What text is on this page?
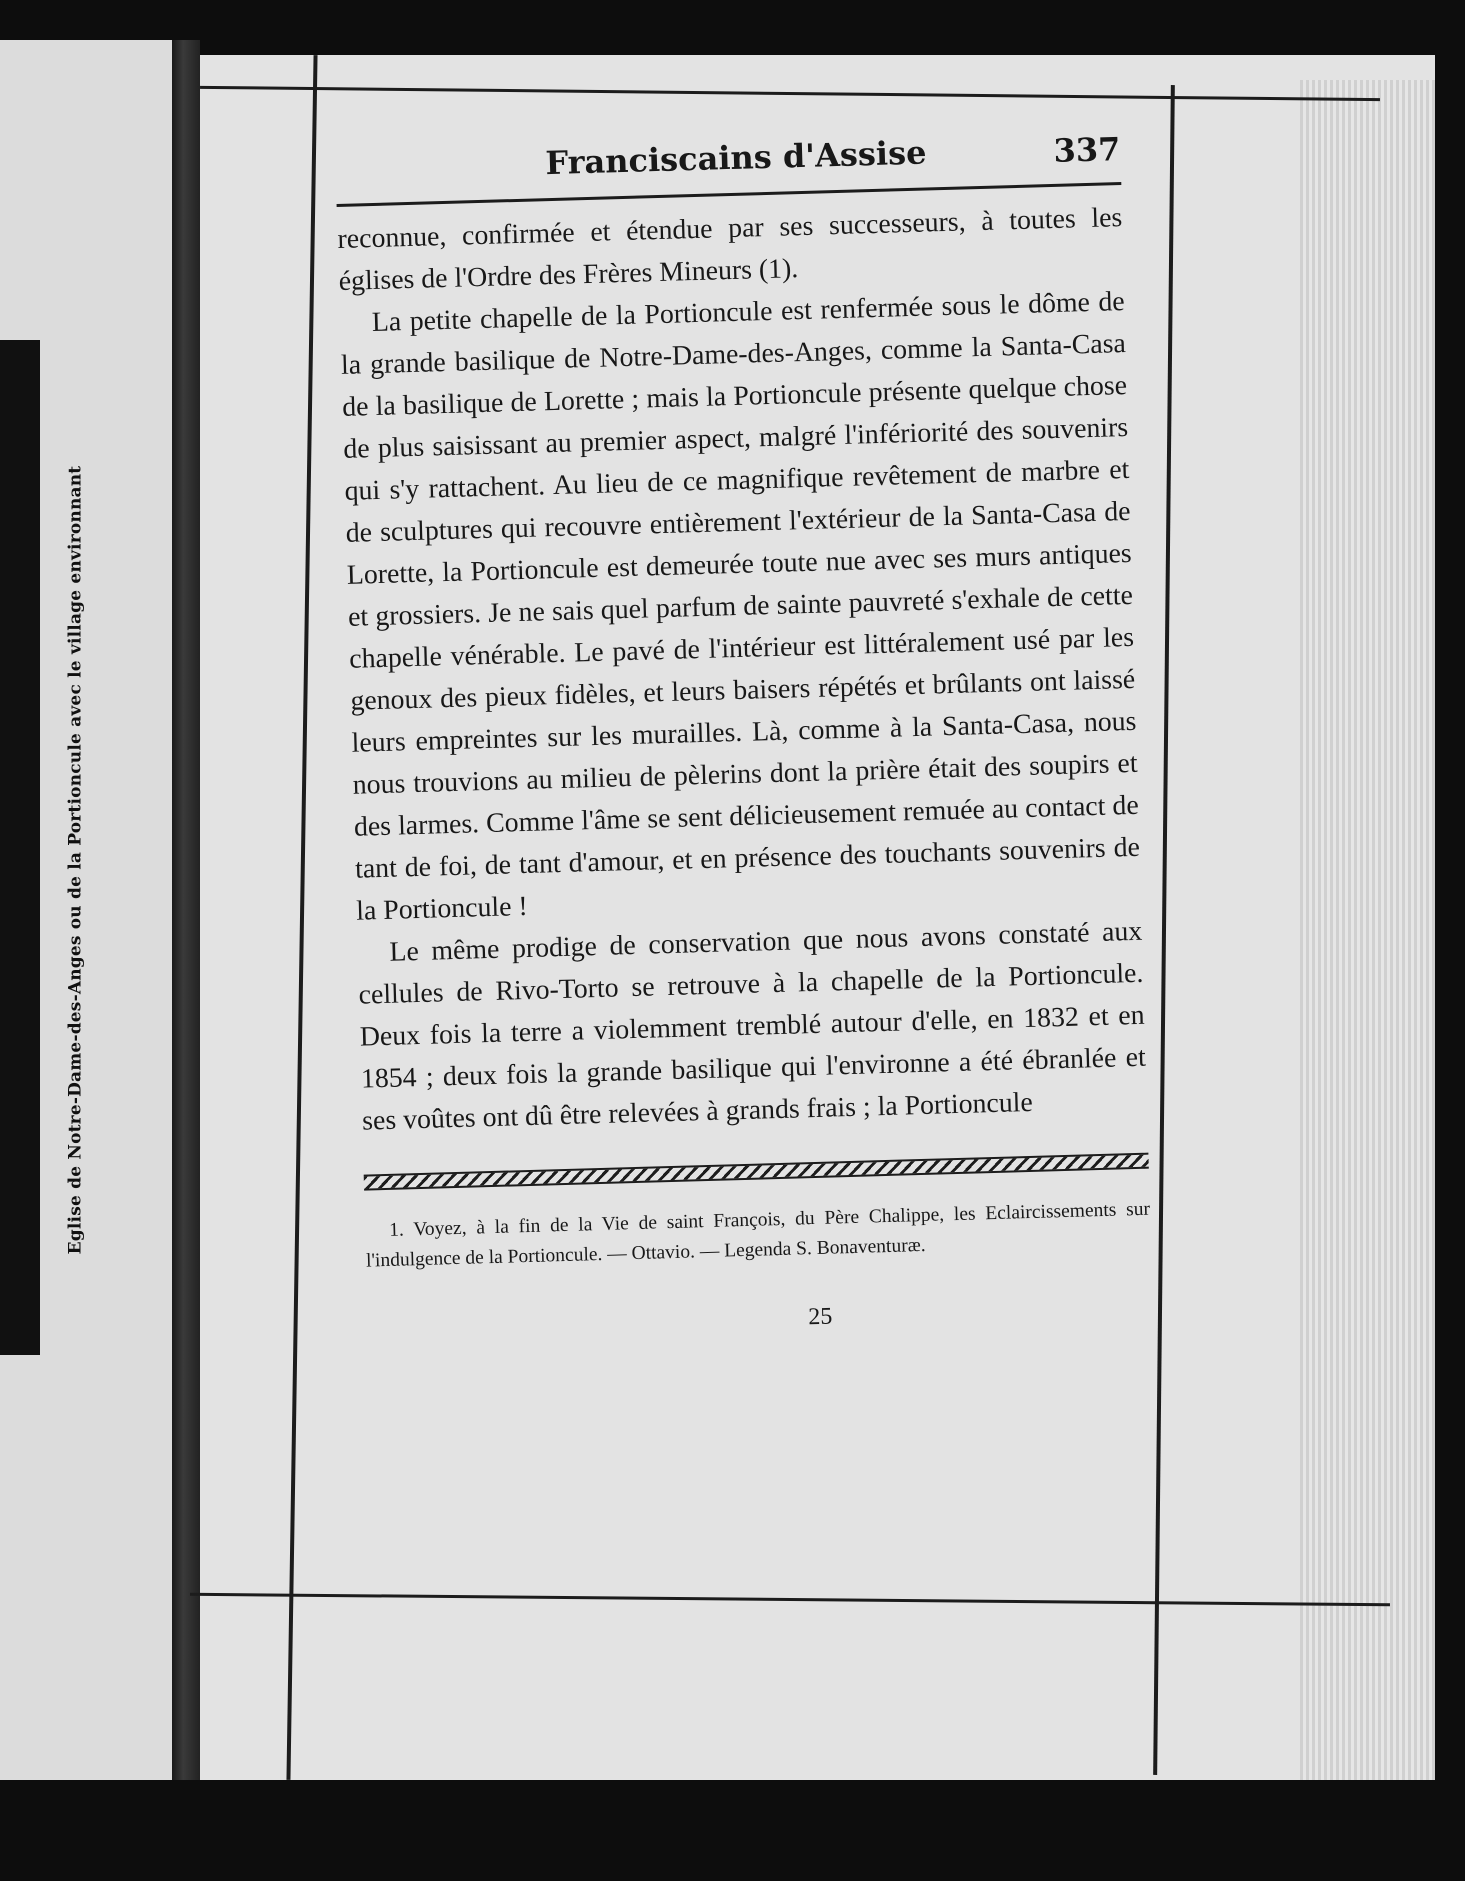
Eglise de Notre-Dame-des-Anges ou de la Portioncule avec le village environnant
Franciscains d'Assise	337

reconnue, confirmée et étendue par ses successeurs, à toutes les églises de l'Ordre des Frères Mineurs (1).

La petite chapelle de la Portioncule est renfermée sous le dôme de la grande basilique de Notre-Dame-des-Anges, comme la Santa-Casa de la basilique de Lorette ; mais la Portioncule présente quelque chose de plus saisissant au premier aspect, malgré l'infériorité des souvenirs qui s'y rattachent. Au lieu de ce magnifique revêtement de marbre et de sculptures qui recouvre entièrement l'extérieur de la Santa-Casa de Lorette, la Portioncule est demeurée toute nue avec ses murs antiques et grossiers. Je ne sais quel parfum de sainte pauvreté s'exhale de cette chapelle vénérable. Le pavé de l'intérieur est littéralement usé par les genoux des pieux fidèles, et leurs baisers répétés et brûlants ont laissé leurs empreintes sur les murailles. Là, comme à la Santa-Casa, nous nous trouvions au milieu de pèlerins dont la prière était des soupirs et des larmes. Comme l'âme se sent délicieusement remuée au contact de tant de foi, de tant d'amour, et en présence des touchants souvenirs de la Portioncule !

Le même prodige de conservation que nous avons constaté aux cellules de Rivo-Torto se retrouve à la chapelle de la Portioncule. Deux fois la terre a violemment tremblé autour d'elle, en 1832 et en 1854 ; deux fois la grande basilique qui l'environne a été ébranlée et ses voûtes ont dû être relevées à grands frais ; la Portioncule

1. Voyez, à la fin de la Vie de saint François, du Père Chalippe, les Eclaircissements sur l'indulgence de la Portioncule. — Ottavio. — Legenda S. Bonaventuræ.
25
